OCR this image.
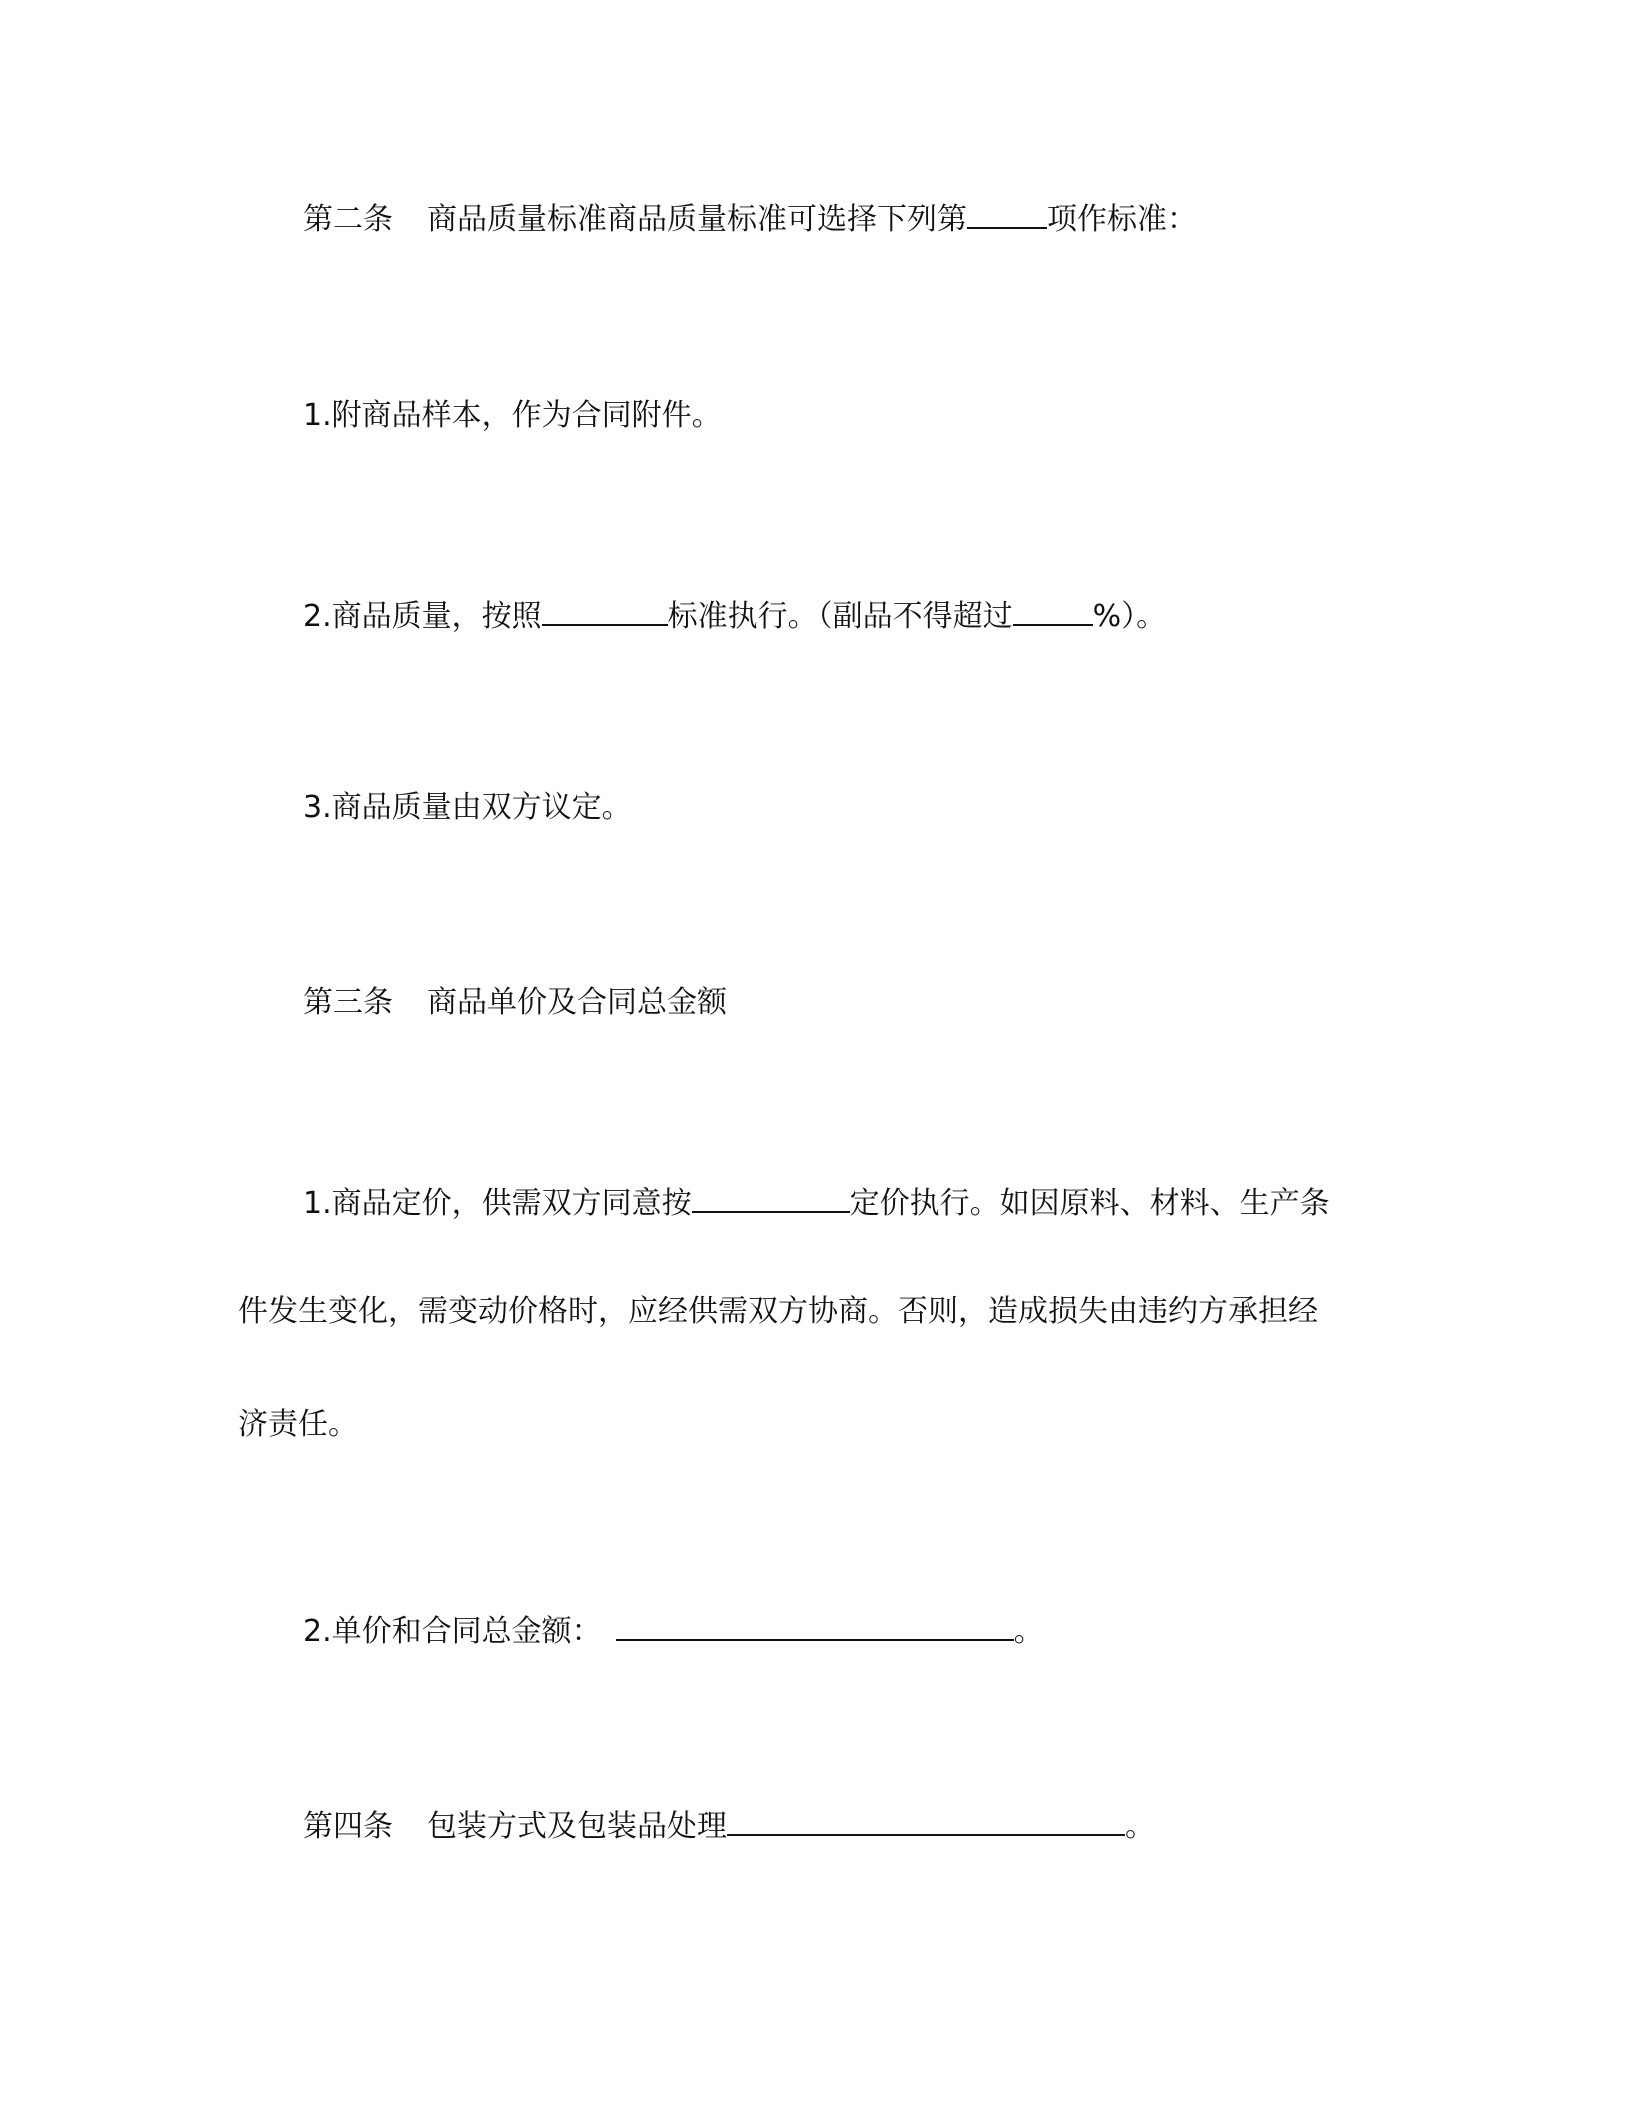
第二条 商品质量标准商品质量标准可选择下列第	项作标准：
1.附商品样本，作为合同附件。
2.商品质量，按照	标准执行。（副品不得超过	%）。
3.商品质量由双方议定。
第三条 商品单价及合同总金额
1.商品定价，供需双方同意按	定价执行。如因原料、材料、生产条
件发生变化，需变动价格时，应经供需双方协商。否则，造成损失由违约方承担经
济责任。
2.单价和合同总金额：	。
第四条 包装方式及包装品处理	。
